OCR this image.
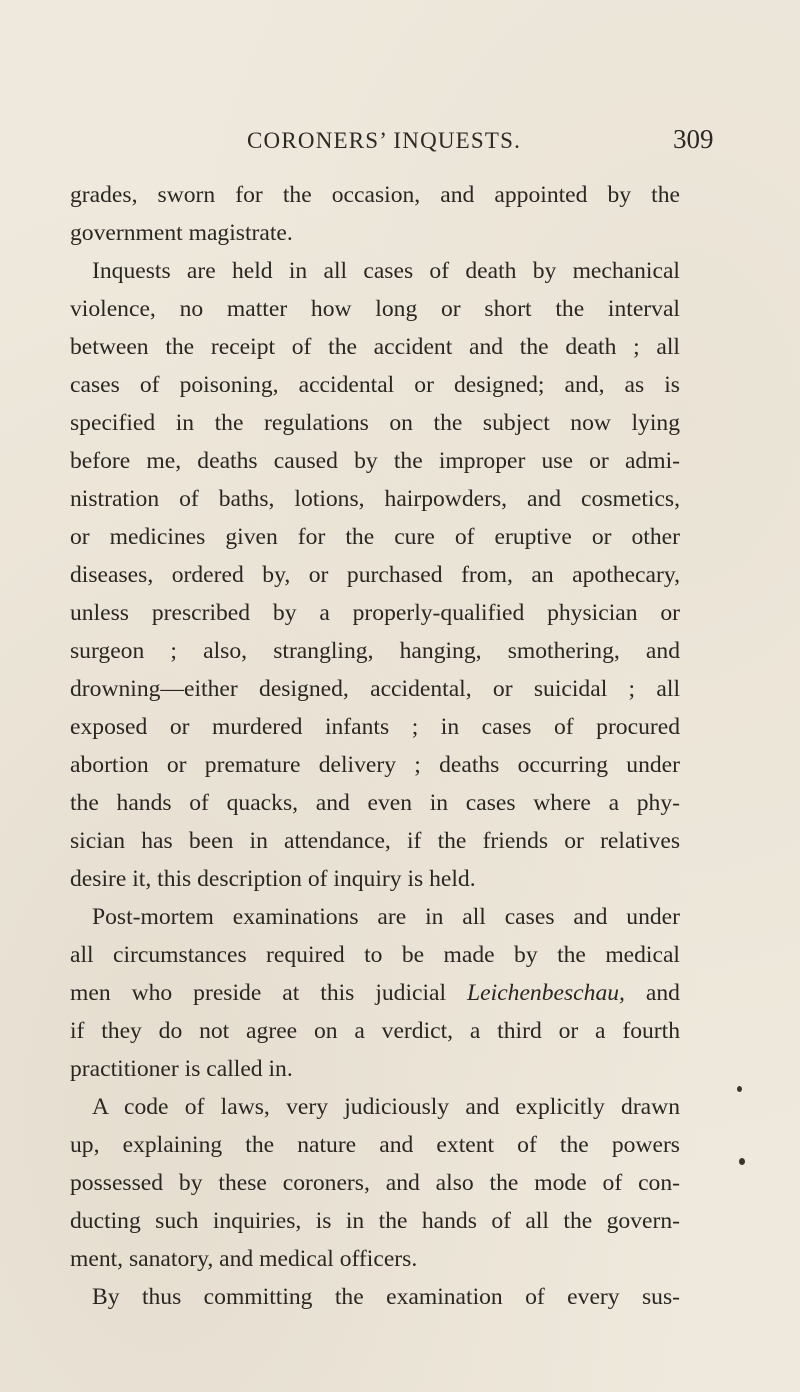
CORONERS’ INQUESTS.	309
grades, sworn for the occasion, and appointed by the
government magistrate.
Inquests are held in all cases of death by mechanical
violence, no matter how long or short the interval
between the receipt of the accident and the death ; all
cases of poisoning, accidental or designed; and, as is
specified in the regulations on the subject now lying
before me, deaths caused by the improper use or admi-
nistration of baths, lotions, hairpowders, and cosmetics,
or medicines given for the cure of eruptive or other
diseases, ordered by, or purchased from, an apothecary,
unless prescribed by a properly-qualified physician or
surgeon ; also, strangling, hanging, smothering, and
drowning—either designed, accidental, or suicidal ; all
exposed or murdered infants ; in cases of procured
abortion or premature delivery ; deaths occurring under
the hands of quacks, and even in cases where a phy-
sician has been in attendance, if the friends or relatives
desire it, this description of inquiry is held.
Post-mortem examinations are in all cases and under
all circumstances required to be made by the medical
men who preside at this judicial Leichenbeschau, and
if they do not agree on a verdict, a third or a fourth
practitioner is called in.
A code of laws, very judiciously and explicitly drawn
up, explaining the nature and extent of the powers
possessed by these coroners, and also the mode of con-
ducting such inquiries, is in the hands of all the govern-
ment, sanatory, and medical officers.
By thus committing the examination of every sus-
